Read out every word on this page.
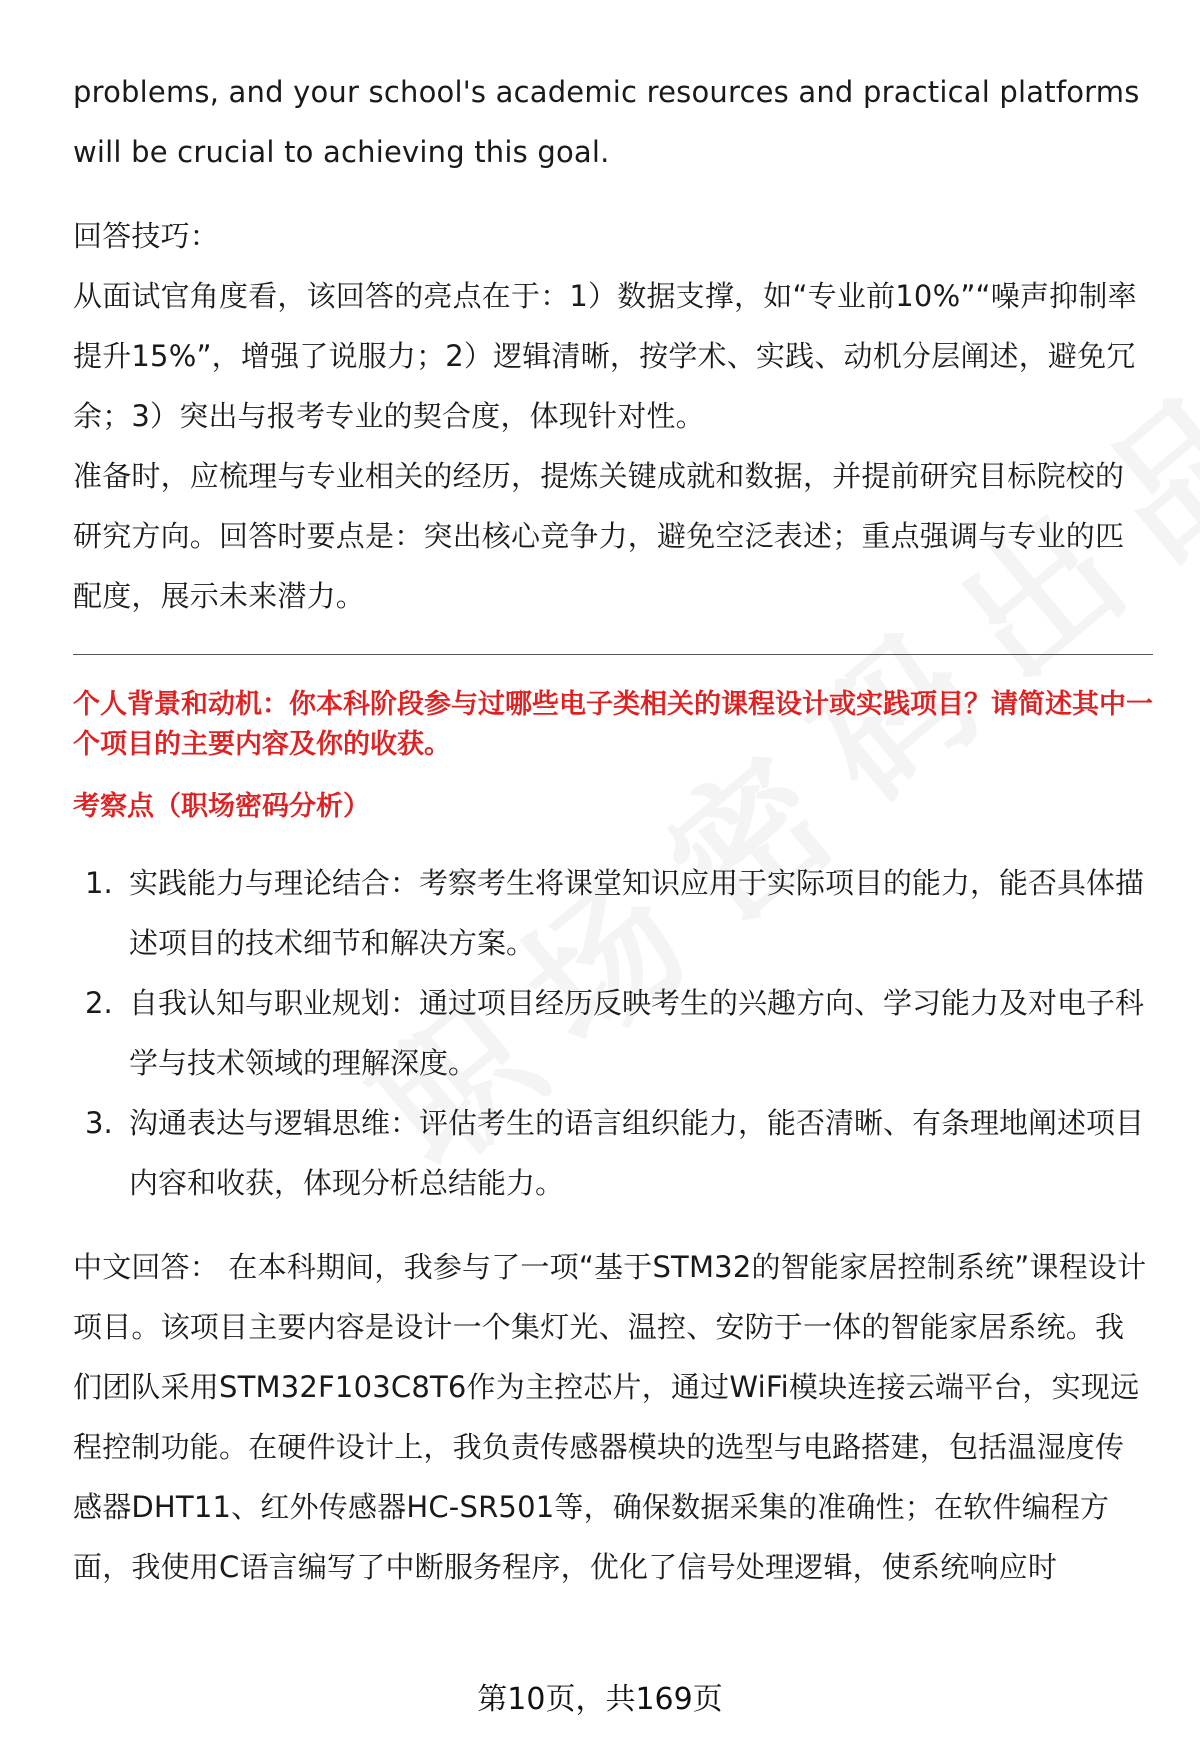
problems, and your school's academic resources and practical platforms will be crucial to achieving this goal.

回答技巧：

从面试官角度看，该回答的亮点在于：1）数据支撑，如“专业前10%”“噪声抑制率提升15%”，增强了说服力；2）逻辑清晰，按学术、实践、动机分层阐述，避免冗余；3）突出与报考专业的契合度，体现针对性。

准备时，应梳理与专业相关的经历，提炼关键成就和数据，并提前研究目标院校的研究方向。回答时要点是：突出核心竞争力，避免空泛表述；重点强调与专业的匹配度，展示未来潜力。

个人背景和动机：你本科阶段参与过哪些电子类相关的课程设计或实践项目？请简述其中一个项目的主要内容及你的收获。

考察点（职场密码分析）

1. 实践能力与理论结合：考察考生将课堂知识应用于实际项目的能力，能否具体描述项目的技术细节和解决方案。
2. 自我认知与职业规划：通过项目经历反映考生的兴趣方向、学习能力及对电子科学与技术领域的理解深度。
3. 沟通表达与逻辑思维：评估考生的语言组织能力，能否清晰、有条理地阐述项目内容和收获，体现分析总结能力。

中文回答： 在本科期间，我参与了一项“基于STM32的智能家居控制系统”课程设计项目。该项目主要内容是设计一个集灯光、温控、安防于一体的智能家居系统。我们团队采用STM32F103C8T6作为主控芯片，通过WiFi模块连接云端平台，实现远程控制功能。在硬件设计上，我负责传感器模块的选型与电路搭建，包括温湿度传感器DHT11、红外传感器HC-SR501等，确保数据采集的准确性；在软件编程方面，我使用C语言编写了中断服务程序，优化了信号处理逻辑，使系统响应时

第10页，共169页
